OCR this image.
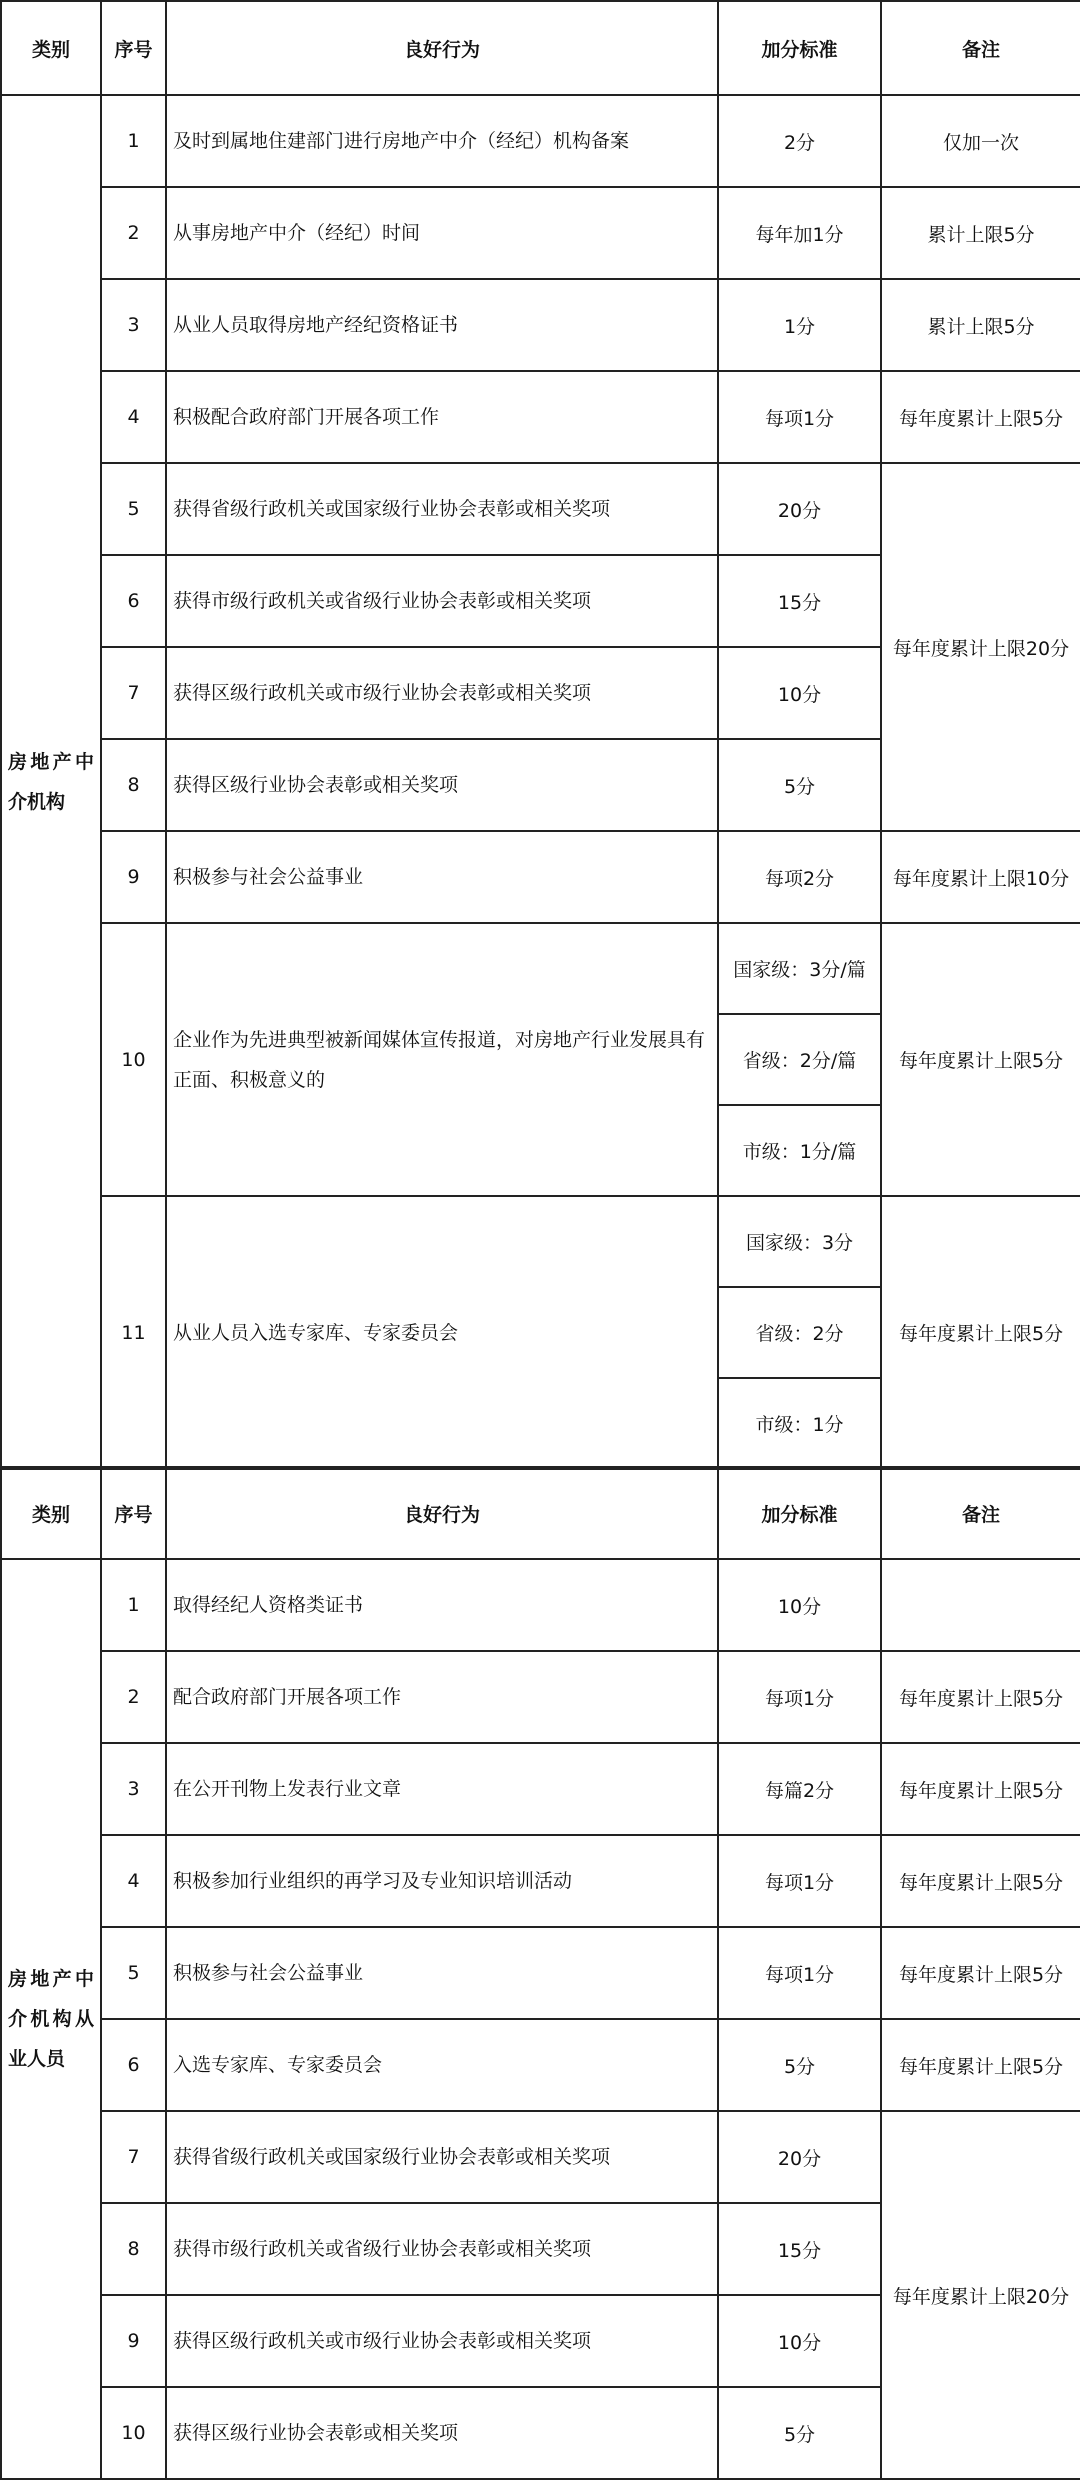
类别	序号	良好行为	加分标准	备注
房地产中介机构	1	及时到属地住建部门进行房地产中介（经纪）机构备案	2分	仅加一次
	2	从事房地产中介（经纪）时间	每年加1分	累计上限5分
	3	从业人员取得房地产经纪资格证书	1分	累计上限5分
	4	积极配合政府部门开展各项工作	每项1分	每年度累计上限5分
	5	获得省级行政机关或国家级行业协会表彰或相关奖项	20分	每年度累计上限20分
	6	获得市级行政机关或省级行业协会表彰或相关奖项	15分	
	7	获得区级行政机关或市级行业协会表彰或相关奖项	10分	
	8	获得区级行业协会表彰或相关奖项	5分	
	9	积极参与社会公益事业	每项2分	每年度累计上限10分
	10	企业作为先进典型被新闻媒体宣传报道，对房地产行业发展具有正面、积极意义的	国家级：3分/篇	每年度累计上限5分
			省级：2分/篇	
			市级：1分/篇	
	11	从业人员入选专家库、专家委员会	国家级：3分	每年度累计上限5分
			省级：2分	
			市级：1分	
类别	序号	良好行为	加分标准	备注
房地产中介机构从业人员	1	取得经纪人资格类证书	10分	
	2	配合政府部门开展各项工作	每项1分	每年度累计上限5分
	3	在公开刊物上发表行业文章	每篇2分	每年度累计上限5分
	4	积极参加行业组织的再学习及专业知识培训活动	每项1分	每年度累计上限5分
	5	积极参与社会公益事业	每项1分	每年度累计上限5分
	6	入选专家库、专家委员会	5分	每年度累计上限5分
	7	获得省级行政机关或国家级行业协会表彰或相关奖项	20分	每年度累计上限20分
	8	获得市级行政机关或省级行业协会表彰或相关奖项	15分	
	9	获得区级行政机关或市级行业协会表彰或相关奖项	10分	
	10	获得区级行业协会表彰或相关奖项	5分	
